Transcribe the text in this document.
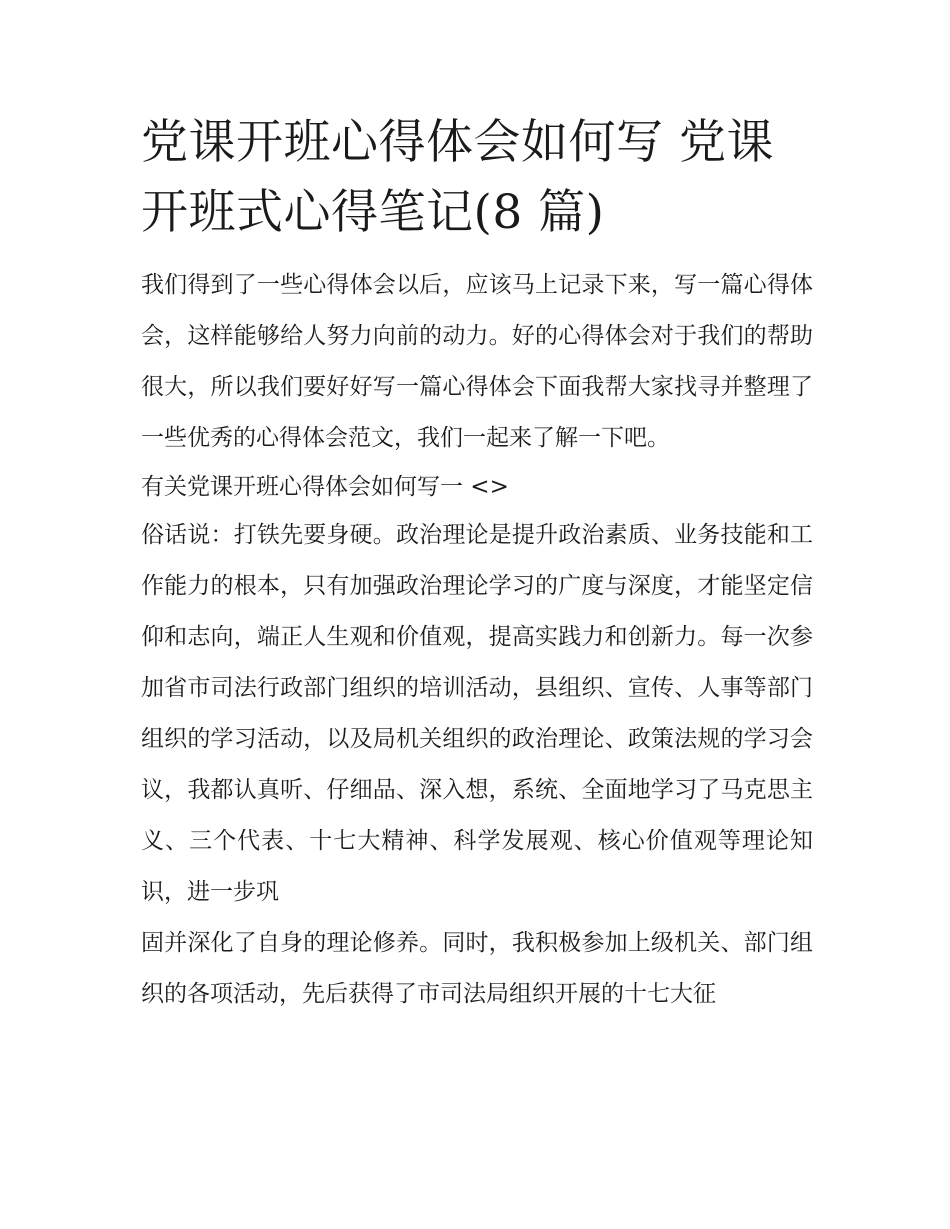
党课开班心得体会如何写 党课开班式心得笔记(8 篇)

我们得到了一些心得体会以后，应该马上记录下来，写一篇心得体会，这样能够给人努力向前的动力。好的心得体会对于我们的帮助很大，所以我们要好好写一篇心得体会下面我帮大家找寻并整理了一些优秀的心得体会范文，我们一起来了解一下吧。

有关党课开班心得体会如何写一 <>

俗话说：打铁先要身硬。政治理论是提升政治素质、业务技能和工作能力的根本，只有加强政治理论学习的广度与深度，才能坚定信仰和志向，端正人生观和价值观，提高实践力和创新力。每一次参加省市司法行政部门组织的培训活动，县组织、宣传、人事等部门组织的学习活动，以及局机关组织的政治理论、政策法规的学习会议，我都认真听、仔细品、深入想，系统、全面地学习了马克思主义、三个代表、十七大精神、科学发展观、核心价值观等理论知识，进一步巩

固并深化了自身的理论修养。同时，我积极参加上级机关、部门组织的各项活动，先后获得了市司法局组织开展的十七大征
